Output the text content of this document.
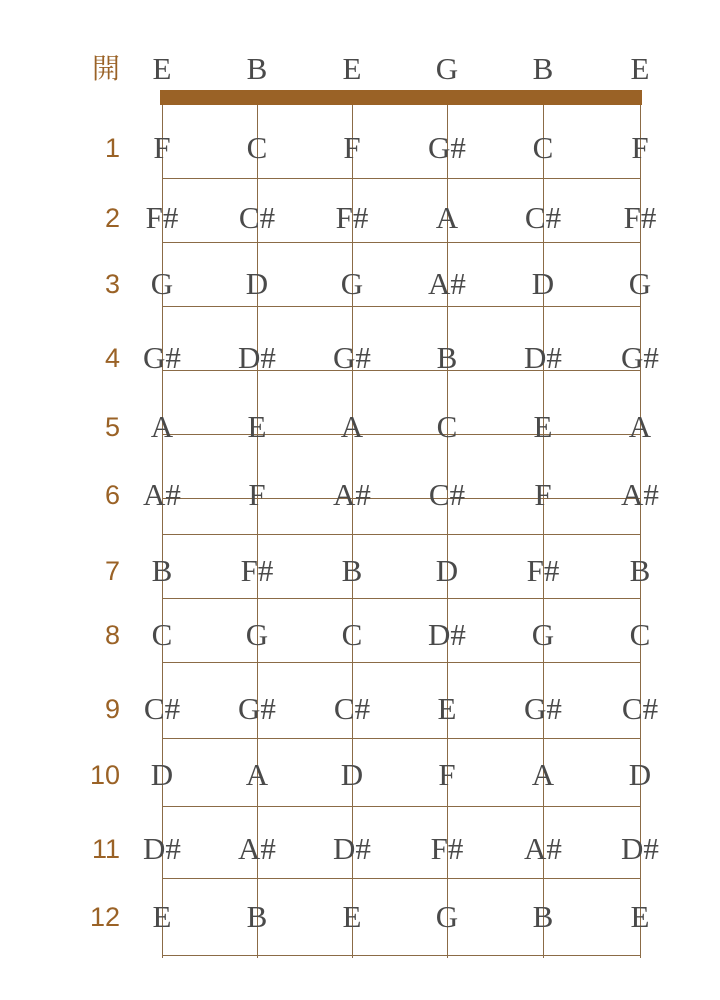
開	E	B	E	G	B	E
1	F	C	F	G#	C	F
2 F#	C#	F#	A	C#	F#
3 G	D	G	A#	D	G
4 G#	D#	G#	B	D#	G#
5 A	E	A	C	E	A
6 A#	F	A#	C#	F	A#
7	B	F#	B	D	F#	B
8	C	G	C	D#	G	C
9 C#	G#	C#	E	G#	C#
10 D	A	D	F	A	D
11 D#	A#	D#	F#	A#	D#
12	E	B	E	G	B	E
